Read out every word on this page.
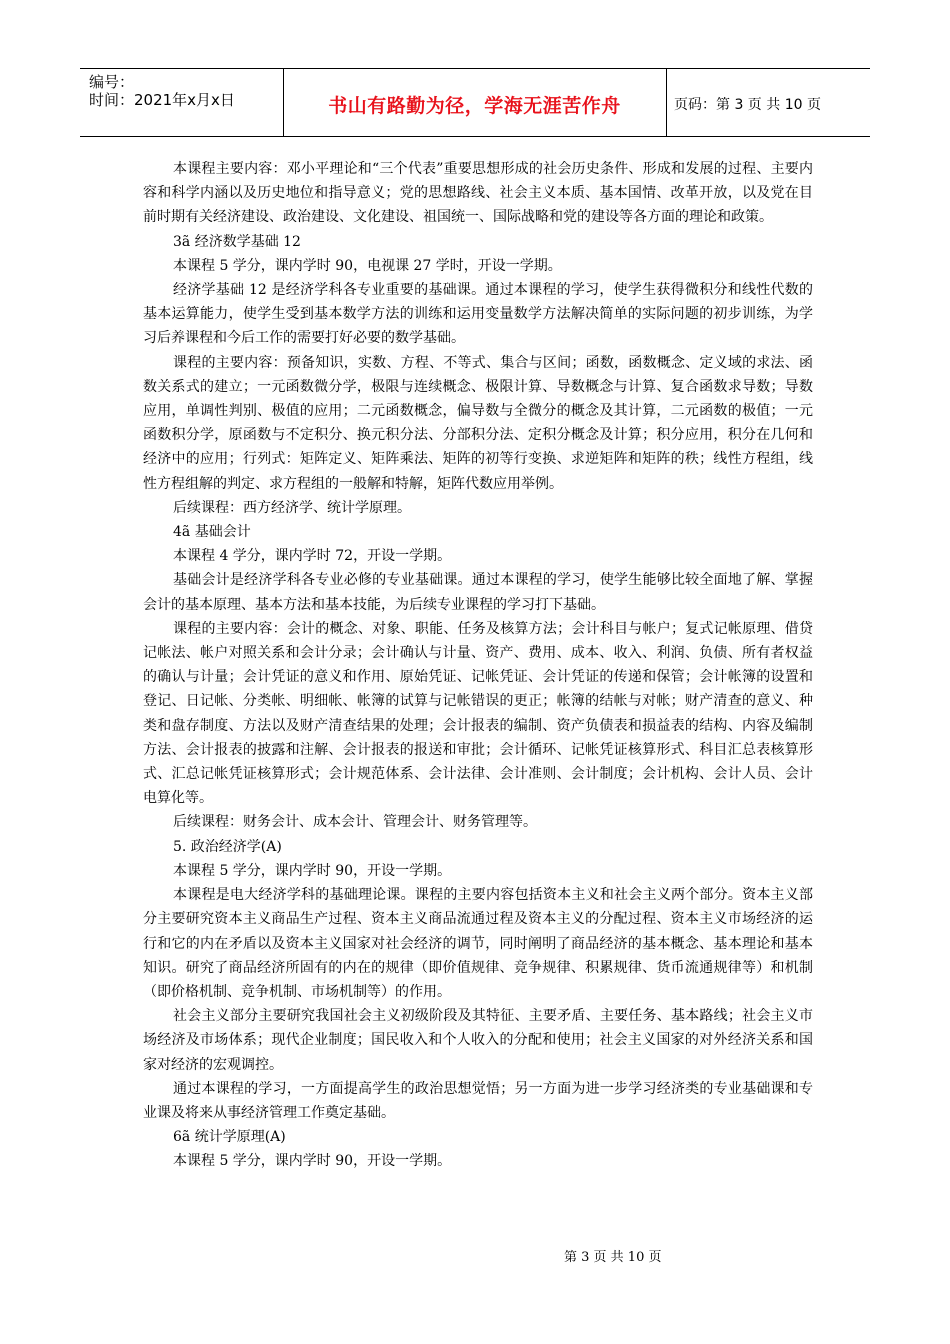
编号：
时间：2021年x月x日	书山有路勤为径，学海无涯苦作舟	页码：第 3 页 共 10 页

本课程主要内容：邓小平理论和“三个代表”重要思想形成的社会历史条件、形成和发展的过程、主要内容和科学内涵以及历史地位和指导意义；党的思想路线、社会主义本质、基本国情、改革开放，以及党在目前时期有关经济建设、政治建设、文化建设、祖国统一、国际战略和党的建设等各方面的理论和政策。

3ã 经济数学基础 12

本课程 5 学分，课内学时 90，电视课 27 学时，开设一学期。

经济学基础 12 是经济学科各专业重要的基础课。通过本课程的学习，使学生获得微积分和线性代数的基本运算能力，使学生受到基本数学方法的训练和运用变量数学方法解决简单的实际问题的初步训练，为学习后养课程和今后工作的需要打好必要的数学基础。

课程的主要内容：预备知识，实数、方程、不等式、集合与区间；函数，函数概念、定义域的求法、函数关系式的建立；一元函数微分学，极限与连续概念、极限计算、导数概念与计算、复合函数求导数；导数应用，单调性判别、极值的应用；二元函数概念，偏导数与全微分的概念及其计算，二元函数的极值；一元函数积分学，原函数与不定积分、换元积分法、分部积分法、定积分概念及计算；积分应用，积分在几何和经济中的应用；行列式：矩阵定义、矩阵乘法、矩阵的初等行变换、求逆矩阵和矩阵的秩；线性方程组，线性方程组解的判定、求方程组的一般解和特解，矩阵代数应用举例。

后续课程：西方经济学、统计学原理。

4ã 基础会计

本课程 4 学分，课内学时 72，开设一学期。

基础会计是经济学科各专业必修的专业基础课。通过本课程的学习，使学生能够比较全面地了解、掌握会计的基本原理、基本方法和基本技能，为后续专业课程的学习打下基础。

课程的主要内容：会计的概念、对象、职能、任务及核算方法；会计科目与帐户；复式记帐原理、借贷记帐法、帐户对照关系和会计分录；会计确认与计量、资产、费用、成本、收入、利润、负债、所有者权益的确认与计量；会计凭证的意义和作用、原始凭证、记帐凭证、会计凭证的传递和保管；会计帐簿的设置和登记、日记帐、分类帐、明细帐、帐簿的试算与记帐错误的更正；帐簿的结帐与对帐；财产清查的意义、种类和盘存制度、方法以及财产清查结果的处理；会计报表的编制、资产负债表和损益表的结构、内容及编制方法、会计报表的披露和注解、会计报表的报送和审批；会计循环、记帐凭证核算形式、科目汇总表核算形式、汇总记帐凭证核算形式；会计规范体系、会计法律、会计准则、会计制度；会计机构、会计人员、会计电算化等。

后续课程：财务会计、成本会计、管理会计、财务管理等。

5. 政治经济学(A)

本课程 5 学分，课内学时 90，开设一学期。

本课程是电大经济学科的基础理论课。课程的主要内容包括资本主义和社会主义两个部分。资本主义部分主要研究资本主义商品生产过程、资本主义商品流通过程及资本主义的分配过程、资本主义市场经济的运行和它的内在矛盾以及资本主义国家对社会经济的调节，同时阐明了商品经济的基本概念、基本理论和基本知识。研究了商品经济所固有的内在的规律（即价值规律、竞争规律、积累规律、货币流通规律等）和机制（即价格机制、竞争机制、市场机制等）的作用。

社会主义部分主要研究我国社会主义初级阶段及其特征、主要矛盾、主要任务、基本路线；社会主义市场经济及市场体系；现代企业制度；国民收入和个人收入的分配和使用；社会主义国家的对外经济关系和国家对经济的宏观调控。

通过本课程的学习，一方面提高学生的政治思想觉悟；另一方面为进一步学习经济类的专业基础课和专业课及将来从事经济管理工作奠定基础。

6ã 统计学原理(A)

本课程 5 学分，课内学时 90，开设一学期。

第 3 页 共 10 页
